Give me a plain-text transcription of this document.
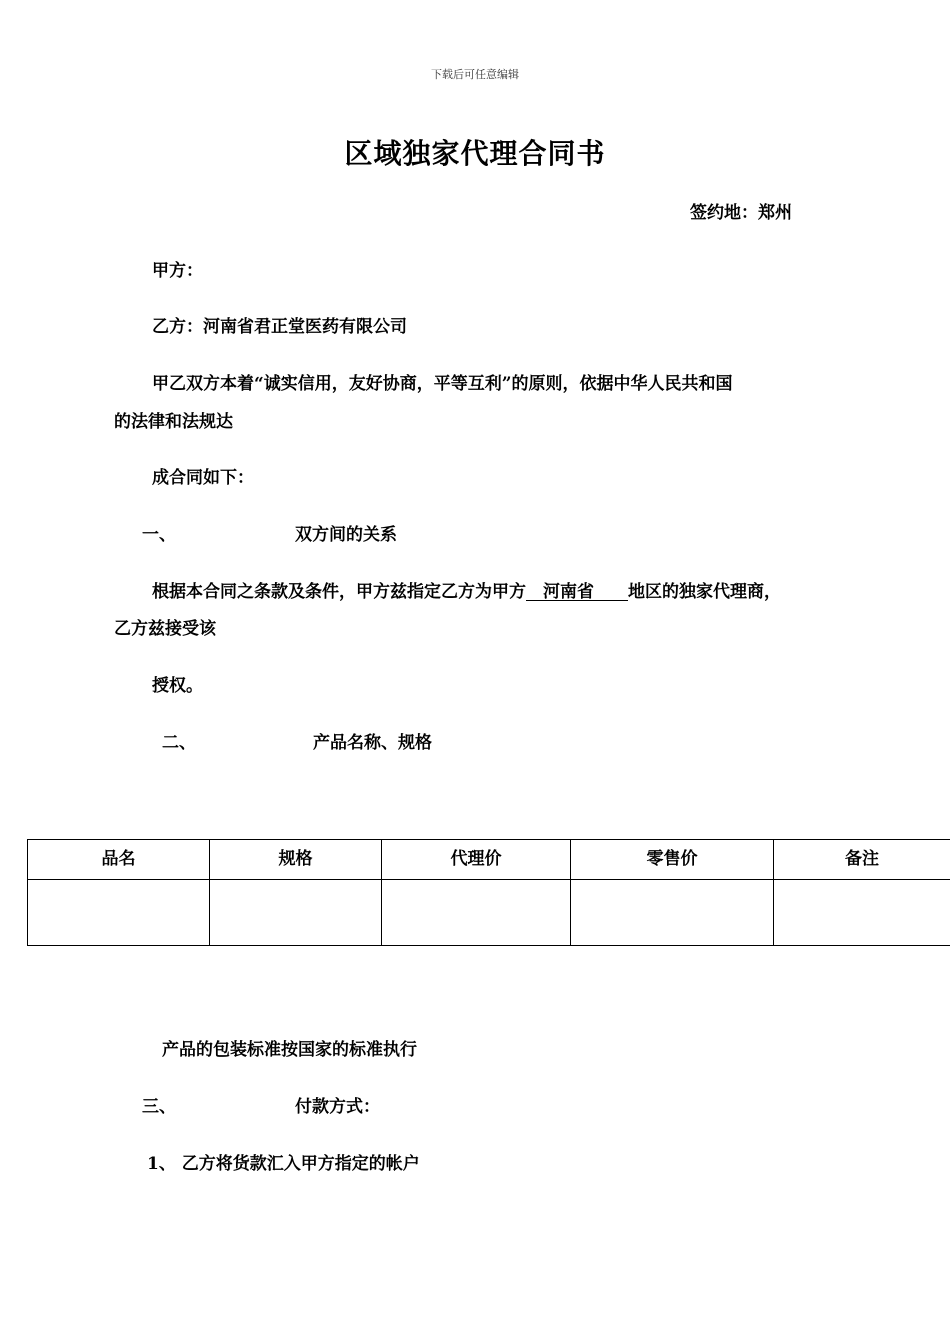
下载后可任意编辑
区域独家代理合同书
签约地：郑州
甲方：
乙方：河南省君正堂医药有限公司
甲乙双方本着“诚实信用，友好协商，平等互利”的原则，依据中华人民共和国
的法律和法规达
成合同如下：
一、	双方间的关系
根据本合同之条款及条件，甲方兹指定乙方为甲方　河南省　　地区的独家代理商，
乙方兹接受该
授权。
二、	产品名称、规格
品名	规格	代理价	零售价	备注

产品的包装标准按国家的标准执行
三、	付款方式：
1、 乙方将货款汇入甲方指定的帐户
